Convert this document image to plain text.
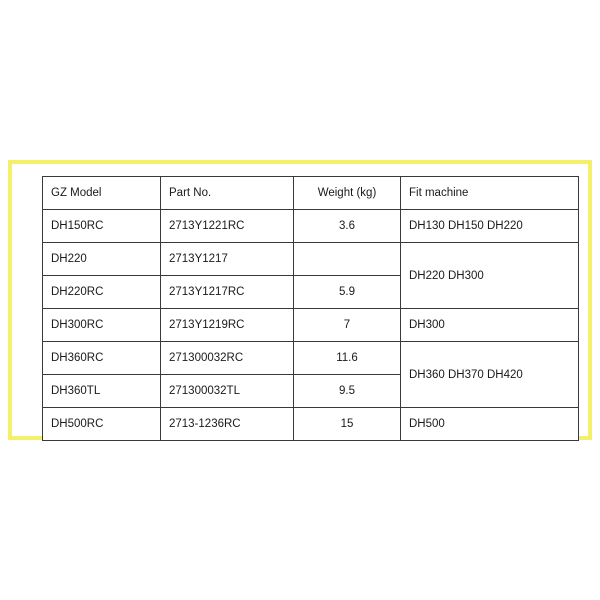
GZ Model	Part No.	Weight (kg)	Fit machine
DH150RC	2713Y1221RC	3.6	DH130 DH150 DH220
DH220	2713Y1217		DH220 DH300
DH220RC	2713Y1217RC	5.9	
DH300RC	2713Y1219RC	7	DH300
DH360RC	271300032RC	11.6	DH360 DH370 DH420
DH360TL	271300032TL	9.5	
DH500RC	2713-1236RC	15	DH500
